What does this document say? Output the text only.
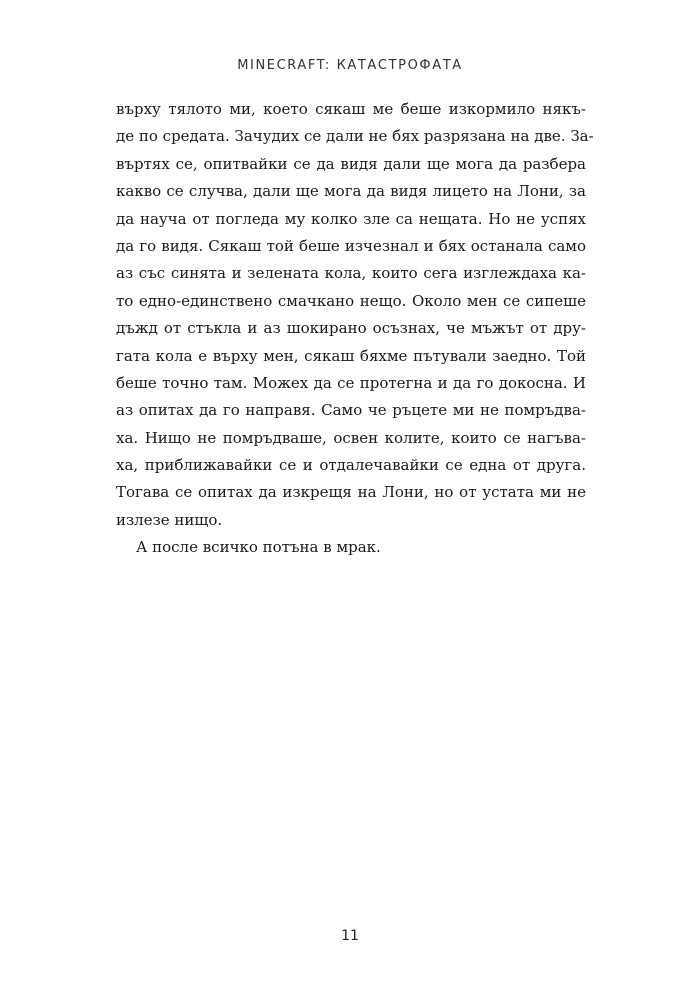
MINECRAFT: КАТАСТРОФАТА
върху тялото ми, което сякаш ме беше изкормило някъ-
де по средата. Зачудих се дали не бях разрязана на две. За-
въртях се, опитвайки се да видя дали ще мога да разбера
какво се случва, дали ще мога да видя лицето на Лони, за
да науча от погледа му колко зле са нещата. Но не успях
да го видя. Сякаш той беше изчезнал и бях останала само
аз със синята и зелената кола, които сега изглеждаха ка-
то едно-единствено смачкано нещо. Около мен се сипеше
дъжд от стъкла и аз шокирано осъзнах, че мъжът от дру-
гата кола е върху мен, сякаш бяхме пътували заедно. Той
беше точно там. Можех да се протегна и да го докосна. И
аз опитах да го направя. Само че ръцете ми не помръдва-
ха. Нищо не помръдваше, освен колите, които се нагъва-
ха, приближавайки се и отдалечавайки се една от друга.
Тогава се опитах да изкрещя на Лони, но от устата ми не
излезе нищо.
А после всичко потъна в мрак.
11
